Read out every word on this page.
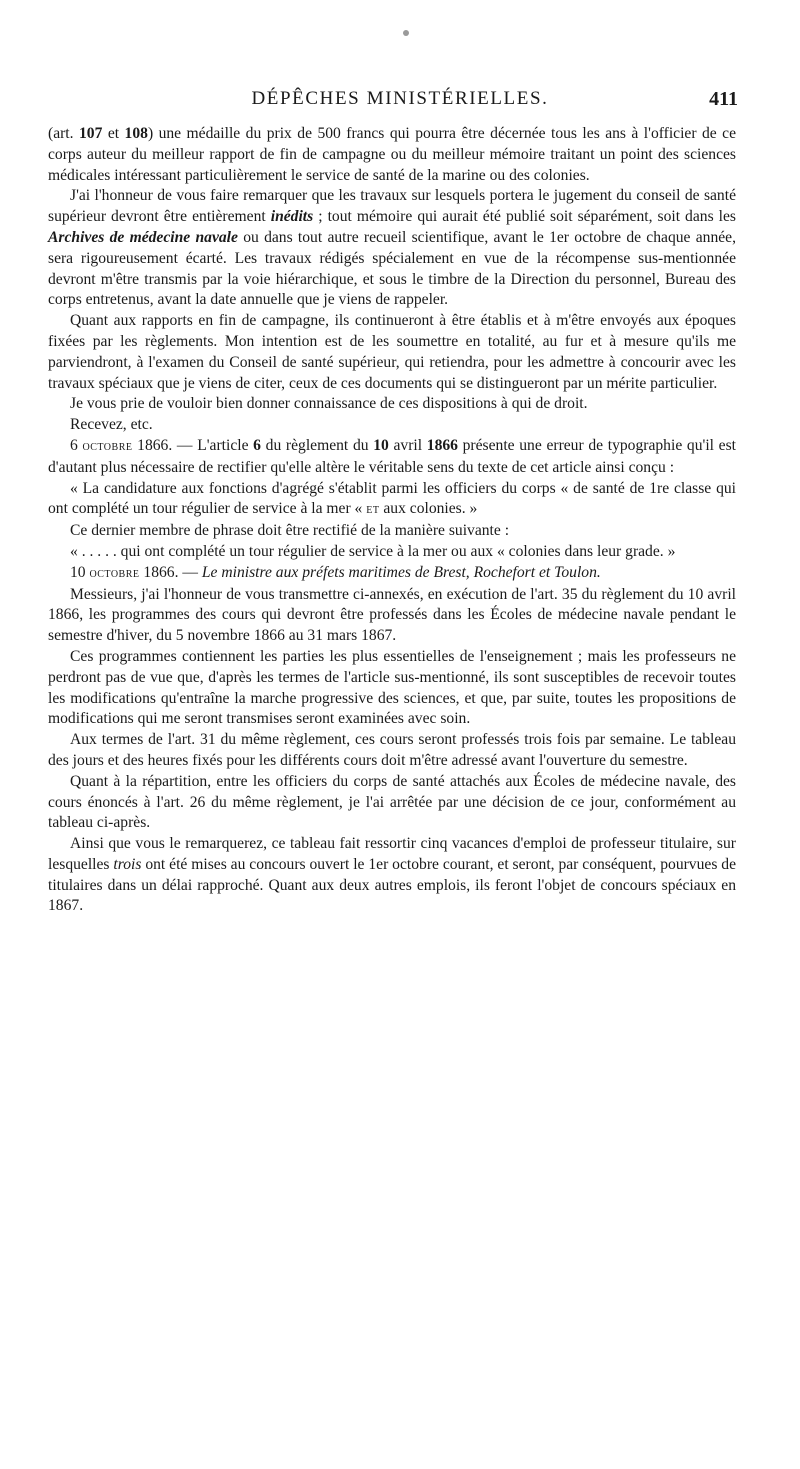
DÉPÊCHES MINISTÉRIELLES.	411

(art. 107 et 108) une médaille du prix de 500 francs qui pourra être décernée tous les ans à l'officier de ce corps auteur du meilleur rapport de fin de campagne ou du meilleur mémoire traitant un point des sciences médicales intéressant particulièrement le service de santé de la marine ou des colonies.

J'ai l'honneur de vous faire remarquer que les travaux sur lesquels portera le jugement du conseil de santé supérieur devront être entièrement inédits ; tout mémoire qui aurait été publié soit séparément, soit dans les Archives de médecine navale ou dans tout autre recueil scientifique, avant le 1er octobre de chaque année, sera rigoureusement écarté. Les travaux rédigés spécialement en vue de la récompense sus-mentionnée devront m'être transmis par la voie hiérarchique, et sous le timbre de la Direction du personnel, Bureau des corps entretenus, avant la date annuelle que je viens de rappeler.

Quant aux rapports en fin de campagne, ils continueront à être établis et à m'être envoyés aux époques fixées par les règlements. Mon intention est de les soumettre en totalité, au fur et à mesure qu'ils me parviendront, à l'examen du Conseil de santé supérieur, qui retiendra, pour les admettre à concourir avec les travaux spéciaux que je viens de citer, ceux de ces documents qui se distingueront par un mérite particulier.

Je vous prie de vouloir bien donner connaissance de ces dispositions à qui de droit.

Recevez, etc.

6 octobre 1866. — L'article 6 du règlement du 10 avril 1866 présente une erreur de typographie qu'il est d'autant plus nécessaire de rectifier qu'elle altère le véritable sens du texte de cet article ainsi conçu :

« La candidature aux fonctions d'agrégé s'établit parmi les officiers du corps « de santé de 1re classe qui ont complété un tour régulier de service à la mer « et aux colonies. »

Ce dernier membre de phrase doit être rectifié de la manière suivante :

« . . . . . qui ont complété un tour régulier de service à la mer ou aux « colonies dans leur grade. »

10 octobre 1866. — Le ministre aux préfets maritimes de Brest, Rochefort et Toulon.

Messieurs, j'ai l'honneur de vous transmettre ci-annexés, en exécution de l'art. 35 du règlement du 10 avril 1866, les programmes des cours qui devront être professés dans les Écoles de médecine navale pendant le semestre d'hiver, du 5 novembre 1866 au 31 mars 1867.

Ces programmes contiennent les parties les plus essentielles de l'enseignement ; mais les professeurs ne perdront pas de vue que, d'après les termes de l'article sus-mentionné, ils sont susceptibles de recevoir toutes les modifications qu'entraîne la marche progressive des sciences, et que, par suite, toutes les propositions de modifications qui me seront transmises seront examinées avec soin.

Aux termes de l'art. 31 du même règlement, ces cours seront professés trois fois par semaine. Le tableau des jours et des heures fixés pour les différents cours doit m'être adressé avant l'ouverture du semestre.

Quant à la répartition, entre les officiers du corps de santé attachés aux Écoles de médecine navale, des cours énoncés à l'art. 26 du même règlement, je l'ai arrêtée par une décision de ce jour, conformément au tableau ci-après.

Ainsi que vous le remarquerez, ce tableau fait ressortir cinq vacances d'emploi de professeur titulaire, sur lesquelles trois ont été mises au concours ouvert le 1er octobre courant, et seront, par conséquent, pourvues de titulaires dans un délai rapproché. Quant aux deux autres emplois, ils feront l'objet de concours spéciaux en 1867.
